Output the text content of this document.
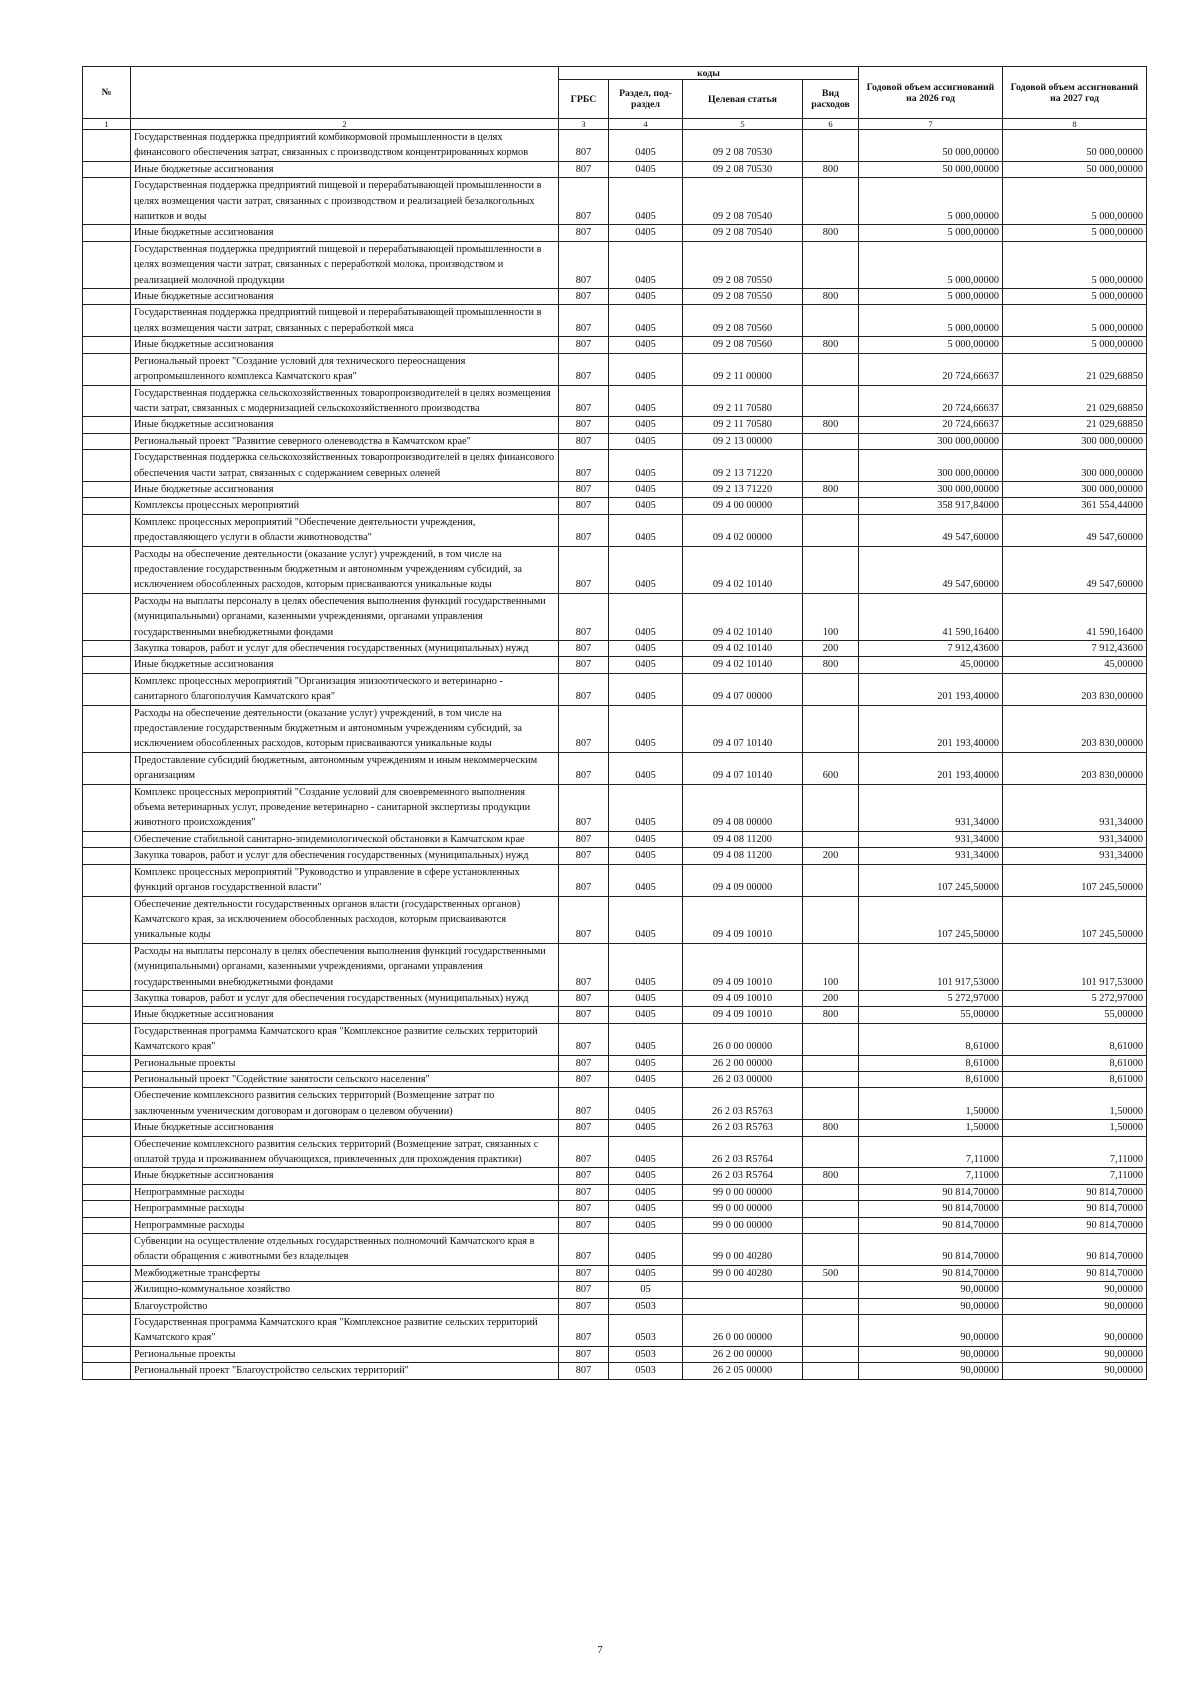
№		коды				Годовой объем ассигнований на 2026 год	Годовой объем ассигнований на 2027 год
		ГРБС	Раздел, под-раздел	Целевая статья	Вид расходов		
1	2	3	4	5	6	7	8
	Государственная поддержка предприятий комбикормовой промышленности в целях финансового обеспечения затрат, связанных с производством концентрированных кормов	807	0405	09 2 08 70530		50 000,00000	50 000,00000
	Иные бюджетные ассигнования	807	0405	09 2 08 70530	800	50 000,00000	50 000,00000
	Государственная поддержка предприятий пищевой и перерабатывающей промышленности в целях возмещения части затрат, связанных с производством и реализацией безалкогольных напитков и воды	807	0405	09 2 08 70540		5 000,00000	5 000,00000
	Иные бюджетные ассигнования	807	0405	09 2 08 70540	800	5 000,00000	5 000,00000
	Государственная поддержка предприятий пищевой и перерабатывающей промышленности в целях возмещения части затрат, связанных с переработкой молока, производством и реализацией молочной продукции	807	0405	09 2 08 70550		5 000,00000	5 000,00000
	Иные бюджетные ассигнования	807	0405	09 2 08 70550	800	5 000,00000	5 000,00000
	Государственная поддержка предприятий пищевой и перерабатывающей промышленности в целях возмещения части затрат, связанных с переработкой мяса	807	0405	09 2 08 70560		5 000,00000	5 000,00000
	Иные бюджетные ассигнования	807	0405	09 2 08 70560	800	5 000,00000	5 000,00000
	Региональный проект "Создание условий для технического переоснащения агропромышленного комплекса Камчатского края"	807	0405	09 2 11 00000		20 724,66637	21 029,68850
	Государственная поддержка сельскохозяйственных товаропроизводителей в целях возмещения части затрат, связанных с модернизацией сельскохозяйственного производства	807	0405	09 2 11 70580		20 724,66637	21 029,68850
	Иные бюджетные ассигнования	807	0405	09 2 11 70580	800	20 724,66637	21 029,68850
	Региональный проект "Развитие северного оленеводства в Камчатском крае"	807	0405	09 2 13 00000		300 000,00000	300 000,00000
	Государственная поддержка сельскохозяйственных товаропроизводителей в целях финансового обеспечения части затрат, связанных с содержанием северных оленей	807	0405	09 2 13 71220		300 000,00000	300 000,00000
	Иные бюджетные ассигнования	807	0405	09 2 13 71220	800	300 000,00000	300 000,00000
	Комплексы процессных мероприятий	807	0405	09 4 00 00000		358 917,84000	361 554,44000
	Комплекс процессных мероприятий "Обеспечение деятельности учреждения, предоставляющего услуги в области животноводства"	807	0405	09 4 02 00000		49 547,60000	49 547,60000
	Расходы на обеспечение деятельности (оказание услуг) учреждений, в том числе на предоставление государственным бюджетным и автономным учреждениям субсидий, за исключением обособленных расходов, которым присваиваются уникальные коды	807	0405	09 4 02 10140		49 547,60000	49 547,60000
	Расходы на выплаты персоналу в целях обеспечения выполнения функций государственными (муниципальными) органами, казенными учреждениями, органами управления государственными внебюджетными фондами	807	0405	09 4 02 10140	100	41 590,16400	41 590,16400
	Закупка товаров, работ и услуг для обеспечения государственных (муниципальных) нужд	807	0405	09 4 02 10140	200	7 912,43600	7 912,43600
	Иные бюджетные ассигнования	807	0405	09 4 02 10140	800	45,00000	45,00000
	Комплекс процессных мероприятий "Организация эпизоотического и ветеринарно - санитарного благополучия Камчатского края"	807	0405	09 4 07 00000		201 193,40000	203 830,00000
	Расходы на обеспечение деятельности (оказание услуг) учреждений, в том числе на предоставление государственным бюджетным и автономным учреждениям субсидий, за исключением обособленных расходов, которым присваиваются уникальные коды	807	0405	09 4 07 10140		201 193,40000	203 830,00000
	Предоставление субсидий бюджетным, автономным учреждениям и иным некоммерческим организациям	807	0405	09 4 07 10140	600	201 193,40000	203 830,00000
	Комплекс процессных мероприятий "Создание условий для своевременного выполнения объема ветеринарных услуг, проведение ветеринарно - санитарной экспертизы продукции животного происхождения"	807	0405	09 4 08 00000		931,34000	931,34000
	Обеспечение стабильной санитарно-эпидемиологической обстановки в Камчатском крае	807	0405	09 4 08 11200		931,34000	931,34000
	Закупка товаров, работ и услуг для обеспечения государственных (муниципальных) нужд	807	0405	09 4 08 11200	200	931,34000	931,34000
	Комплекс процессных мероприятий "Руководство и управление в сфере установленных функций органов государственной власти"	807	0405	09 4 09 00000		107 245,50000	107 245,50000
	Обеспечение деятельности государственных органов власти (государственных органов) Камчатского края, за исключением обособленных расходов, которым присваиваются уникальные коды	807	0405	09 4 09 10010		107 245,50000	107 245,50000
	Расходы на выплаты персоналу в целях обеспечения выполнения функций государственными (муниципальными) органами, казенными учреждениями, органами управления государственными внебюджетными фондами	807	0405	09 4 09 10010	100	101 917,53000	101 917,53000
	Закупка товаров, работ и услуг для обеспечения государственных (муниципальных) нужд	807	0405	09 4 09 10010	200	5 272,97000	5 272,97000
	Иные бюджетные ассигнования	807	0405	09 4 09 10010	800	55,00000	55,00000
	Государственная программа Камчатского края "Комплексное развитие сельских территорий Камчатского края"	807	0405	26 0 00 00000		8,61000	8,61000
	Региональные проекты	807	0405	26 2 00 00000		8,61000	8,61000
	Региональный проект "Содействие занятости сельского населения"	807	0405	26 2 03 00000		8,61000	8,61000
	Обеспечение комплексного развития сельских территорий (Возмещение затрат по заключенным ученическим договорам и договорам о целевом обучении)	807	0405	26 2 03 R5763		1,50000	1,50000
	Иные бюджетные ассигнования	807	0405	26 2 03 R5763	800	1,50000	1,50000
	Обеспечение комплексного развития сельских территорий (Возмещение затрат, связанных с оплатой труда и проживанием обучающихся, привлеченных для прохождения практики)	807	0405	26 2 03 R5764		7,11000	7,11000
	Иные бюджетные ассигнования	807	0405	26 2 03 R5764	800	7,11000	7,11000
	Непрограммные расходы	807	0405	99 0 00 00000		90 814,70000	90 814,70000
	Непрограммные расходы	807	0405	99 0 00 00000		90 814,70000	90 814,70000
	Непрограммные расходы	807	0405	99 0 00 00000		90 814,70000	90 814,70000
	Субвенции на осуществление отдельных государственных полномочий Камчатского края в области обращения с животными без владельцев	807	0405	99 0 00 40280		90 814,70000	90 814,70000
	Межбюджетные трансферты	807	0405	99 0 00 40280	500	90 814,70000	90 814,70000
	Жилищно-коммунальное хозяйство	807	05			90,00000	90,00000
	Благоустройство	807	0503			90,00000	90,00000
	Государственная программа Камчатского края "Комплексное развитие сельских территорий Камчатского края"	807	0503	26 0 00 00000		90,00000	90,00000
	Региональные проекты	807	0503	26 2 00 00000		90,00000	90,00000
	Региональный проект "Благоустройство сельских территорий"	807	0503	26 2 05 00000		90,00000	90,00000
7
